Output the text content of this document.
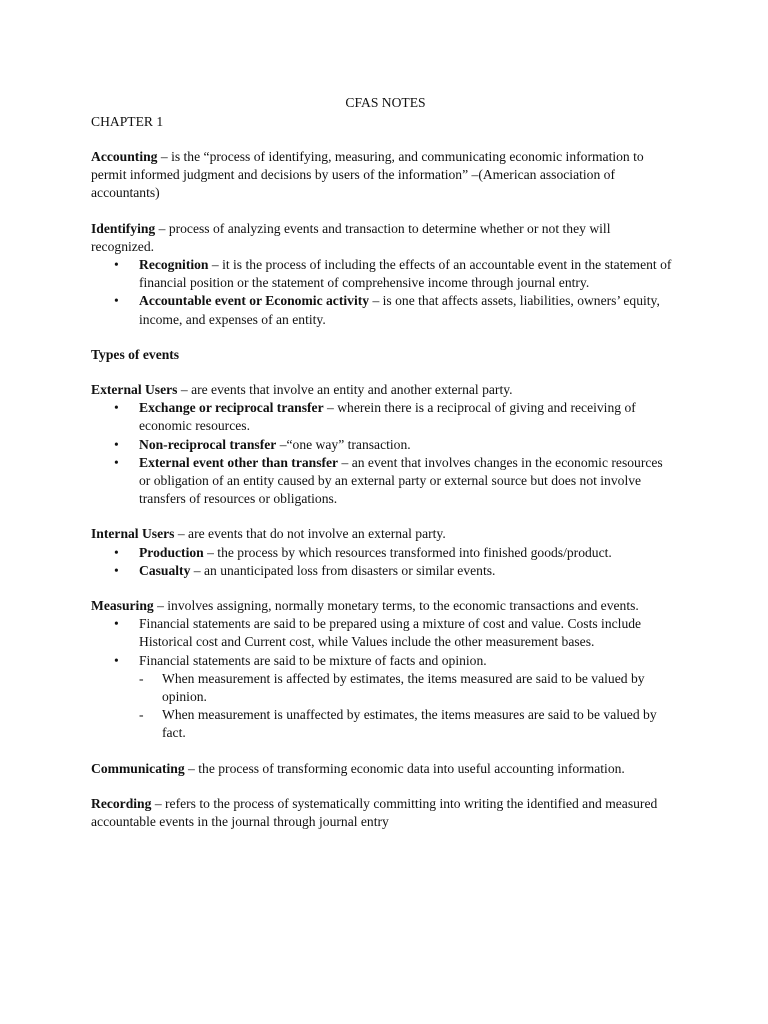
CFAS NOTES

CHAPTER 1

Accounting – is the “process of identifying, measuring, and communicating economic information to permit informed judgment and decisions by users of the information” –(American association of accountants)

Identifying – process of analyzing events and transaction to determine whether or not they will recognized.

• Recognition – it is the process of including the effects of an accountable event in the statement of financial position or the statement of comprehensive income through journal entry.
• Accountable event or Economic activity – is one that affects assets, liabilities, owners’ equity, income, and expenses of an entity.

Types of events

External Users – are events that involve an entity and another external party.

• Exchange or reciprocal transfer – wherein there is a reciprocal of giving and receiving of economic resources.
• Non-reciprocal transfer –“one way” transaction.
• External event other than transfer – an event that involves changes in the economic resources or obligation of an entity caused by an external party or external source but does not involve transfers of resources or obligations.

Internal Users – are events that do not involve an external party.

• Production – the process by which resources transformed into finished goods/product.
• Casualty – an unanticipated loss from disasters or similar events.

Measuring – involves assigning, normally monetary terms, to the economic transactions and events.

• Financial statements are said to be prepared using a mixture of cost and value. Costs include Historical cost and Current cost, while Values include the other measurement bases.
• Financial statements are said to be mixture of facts and opinion.
- When measurement is affected by estimates, the items measured are said to be valued by opinion.
- When measurement is unaffected by estimates, the items measures are said to be valued by fact.

Communicating – the process of transforming economic data into useful accounting information.

Recording – refers to the process of systematically committing into writing the identified and measured accountable events in the journal through journal entry
